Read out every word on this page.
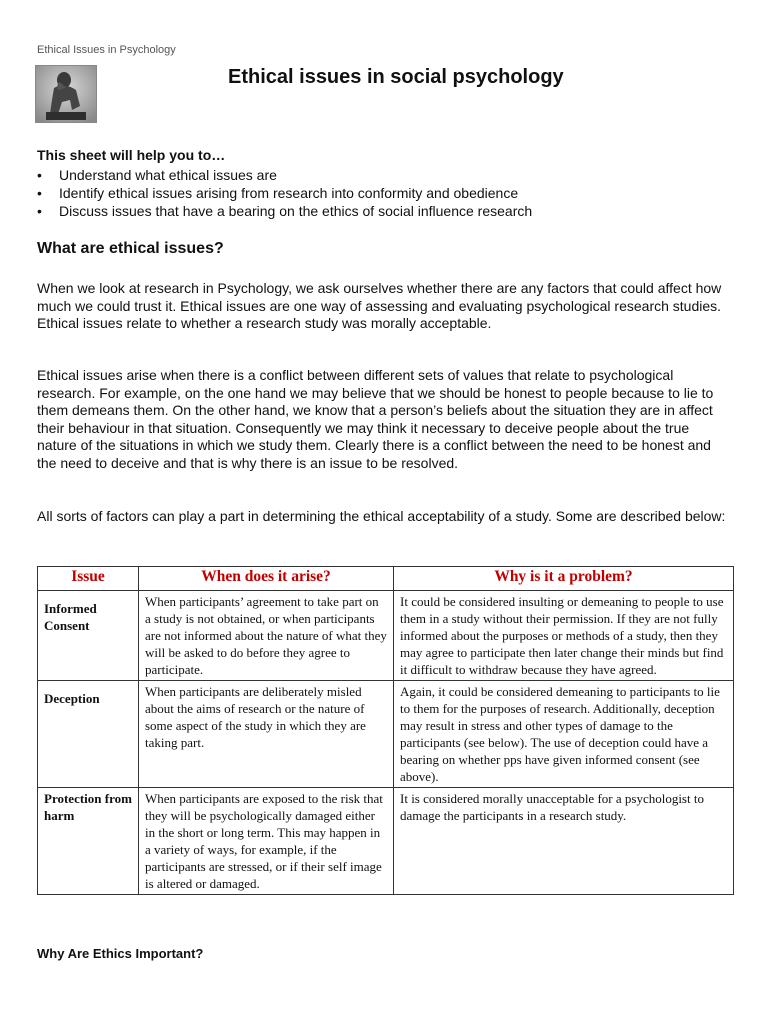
Ethical Issues in Psychology
Ethical issues in social psychology
This sheet will help you to…
• Understand what ethical issues are
• Identify ethical issues arising from research into conformity and obedience
• Discuss issues that have a bearing on the ethics of social influence research
What are ethical issues?

When we look at research in Psychology, we ask ourselves whether there are any factors that could affect how much we could trust it. Ethical issues are one way of assessing and evaluating psychological research studies. Ethical issues relate to whether a research study was morally acceptable.

Ethical issues arise when there is a conflict between different sets of values that relate to psychological research. For example, on the one hand we may believe that we should be honest to people because to lie to them demeans them. On the other hand, we know that a person’s beliefs about the situation they are in affect their behaviour in that situation. Consequently we may think it necessary to deceive people about the true nature of the situations in which we study them. Clearly there is a conflict between the need to be honest and the need to deceive and that is why there is an issue to be resolved.

All sorts of factors can play a part in determining the ethical acceptability of a study. Some are described below:

Issue	When does it arise?	Why is it a problem?
Informed Consent	When participants’ agreement to take part on a study is not obtained, or when participants are not informed about the nature of what they will be asked to do before they agree to participate.	It could be considered insulting or demeaning to people to use them in a study without their permission. If they are not fully informed about the purposes or methods of a study, then they may agree to participate then later change their minds but find it difficult to withdraw because they have agreed.
Deception	When participants are deliberately misled about the aims of research or the nature of some aspect of the study in which they are taking part.	Again, it could be considered demeaning to participants to lie to them for the purposes of research. Additionally, deception may result in stress and other types of damage to the participants (see below). The use of deception could have a bearing on whether pps have given informed consent (see above).
Protection from harm	When participants are exposed to the risk that they will be psychologically damaged either in the short or long term. This may happen in a variety of ways, for example, if the participants are stressed, or if their self image is altered or damaged.	It is considered morally unacceptable for a psychologist to damage the participants in a research study.
Why Are Ethics Important?
